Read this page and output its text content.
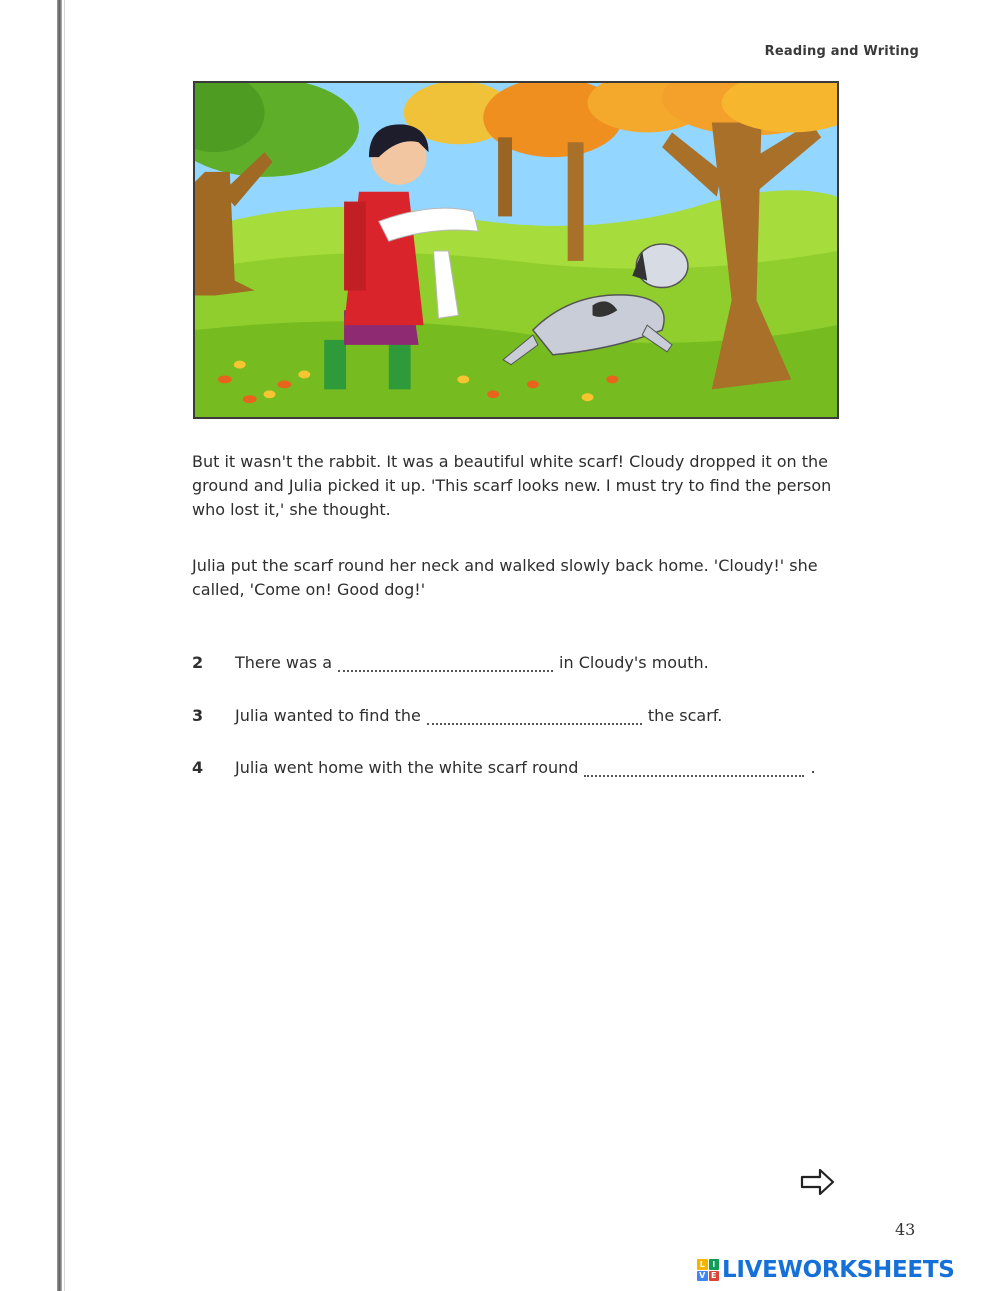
Reading and Writing

But it wasn't the rabbit. It was a beautiful white scarf! Cloudy dropped it on the ground and Julia picked it up. 'This scarf looks new. I must try to find the person who lost it,' she thought.

Julia put the scarf round her neck and walked slowly back home. 'Cloudy!' she called, 'Come on! Good dog!'

2	There was a	in Cloudy's mouth.
3	Julia wanted to find the	the scarf.
4	Julia went home with the white scarf round	.
43
L I
V E LIVEWORKSHEETS
